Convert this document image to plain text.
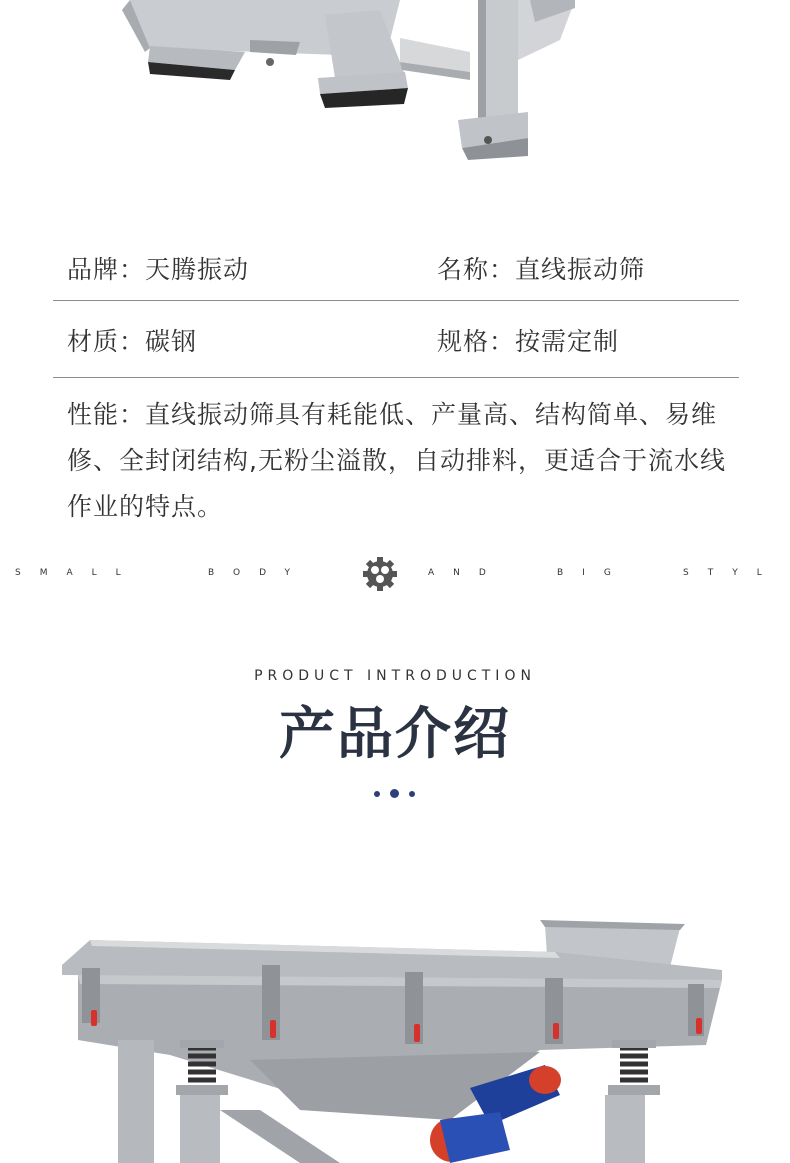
品牌：天腾振动	名称：直线振动筛
材质：碳钢	规格：按需定制
性能：直线振动筛具有耗能低、产量高、结构简单、易维
修、全封闭结构,无粉尘溢散，自动排料，更适合于流水线
作业的特点。
SMALL	BODY	AND	BIG	STYL
PRODUCT INTRODUCTION
产品介绍
